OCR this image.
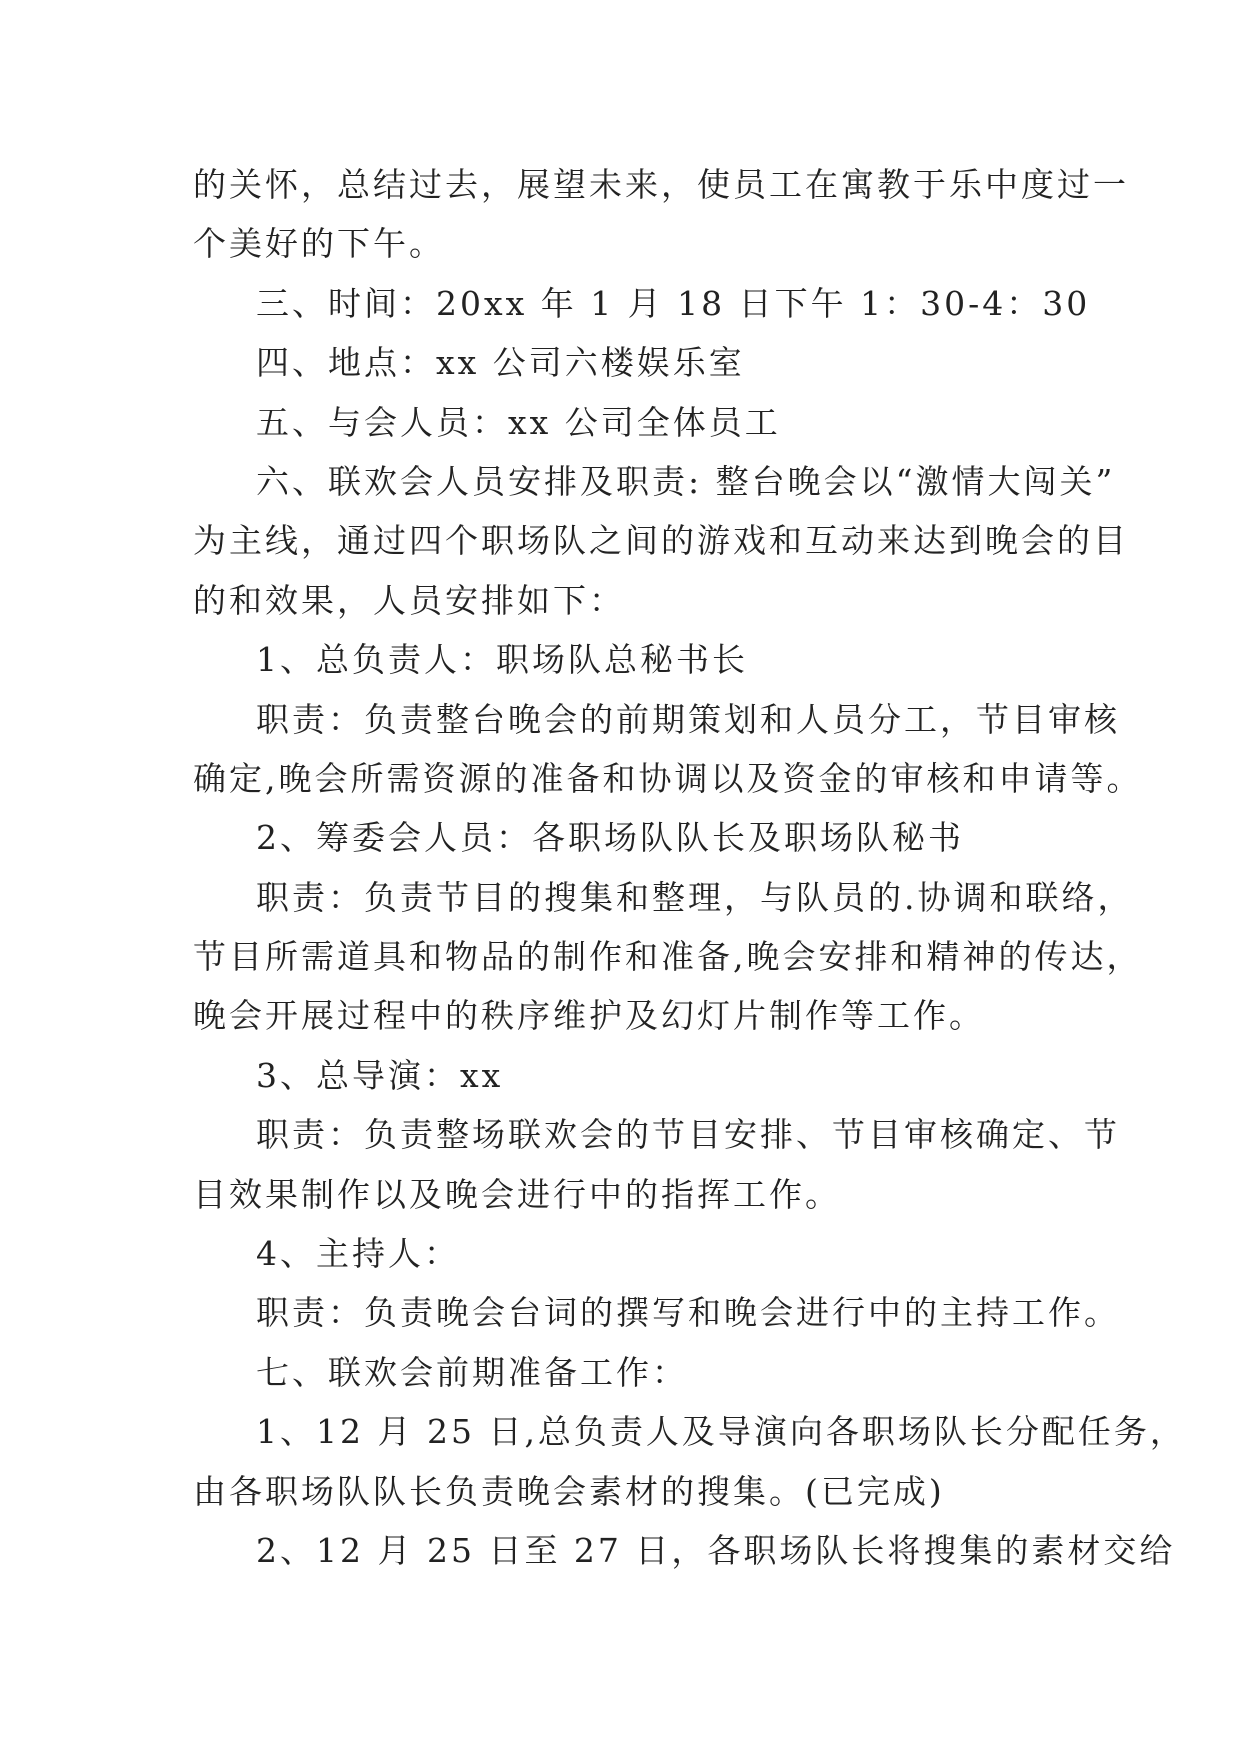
的关怀，总结过去，展望未来，使员工在寓教于乐中度过一
个美好的下午。
三、时间：20xx 年 1 月 18 日下午 1：30-4：30
四、地点：xx 公司六楼娱乐室
五、与会人员：xx 公司全体员工
六、联欢会人员安排及职责: 整台晚会以“激情大闯关”
为主线，通过四个职场队之间的游戏和互动来达到晚会的目
的和效果，人员安排如下：
1、总负责人：职场队总秘书长
职责：负责整台晚会的前期策划和人员分工，节目审核
确定,晚会所需资源的准备和协调以及资金的审核和申请等。
2、筹委会人员：各职场队队长及职场队秘书
职责：负责节目的搜集和整理，与队员的.协调和联络，
节目所需道具和物品的制作和准备,晚会安排和精神的传达，
晚会开展过程中的秩序维护及幻灯片制作等工作。
3、总导演：xx
职责：负责整场联欢会的节目安排、节目审核确定、节
目效果制作以及晚会进行中的指挥工作。
4、主持人：
职责：负责晚会台词的撰写和晚会进行中的主持工作。
七、联欢会前期准备工作：
1、12 月 25 日,总负责人及导演向各职场队长分配任务，
由各职场队队长负责晚会素材的搜集。(已完成)
2、12 月 25 日至 27 日，各职场队长将搜集的素材交给
